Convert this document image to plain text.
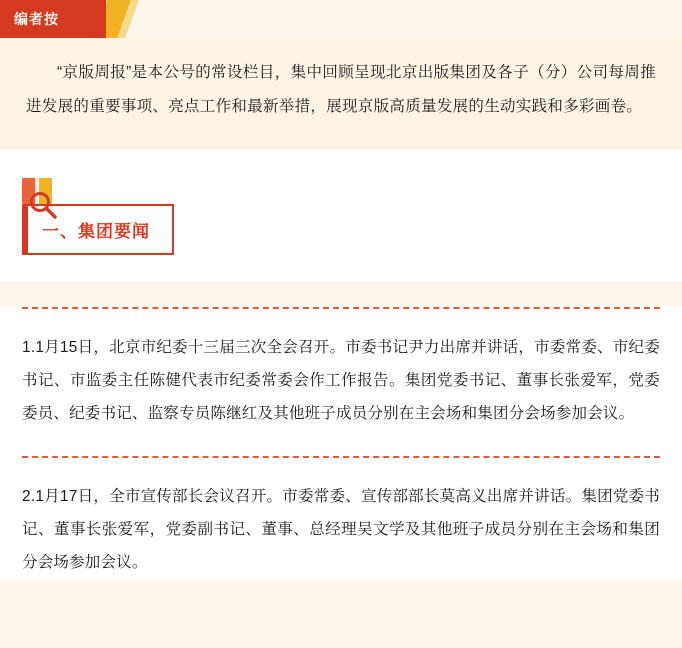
编者按

“京版周报”是本公号的常设栏目，集中回顾呈现北京出版集团及各子（分）公司每周推进发展的重要事项、亮点工作和最新举措，展现京版高质量发展的生动实践和多彩画卷。

一、集团要闻

1.1月15日，北京市纪委十三届三次全会召开。市委书记尹力出席并讲话，市委常委、市纪委书记、市监委主任陈健代表市纪委常委会作工作报告。集团党委书记、董事长张爱军，党委委员、纪委书记、监察专员陈继红及其他班子成员分别在主会场和集团分会场参加会议。

2.1月17日，全市宣传部长会议召开。市委常委、宣传部部长莫高义出席并讲话。集团党委书记、董事长张爱军，党委副书记、董事、总经理吴文学及其他班子成员分别在主会场和集团分会场参加会议。
